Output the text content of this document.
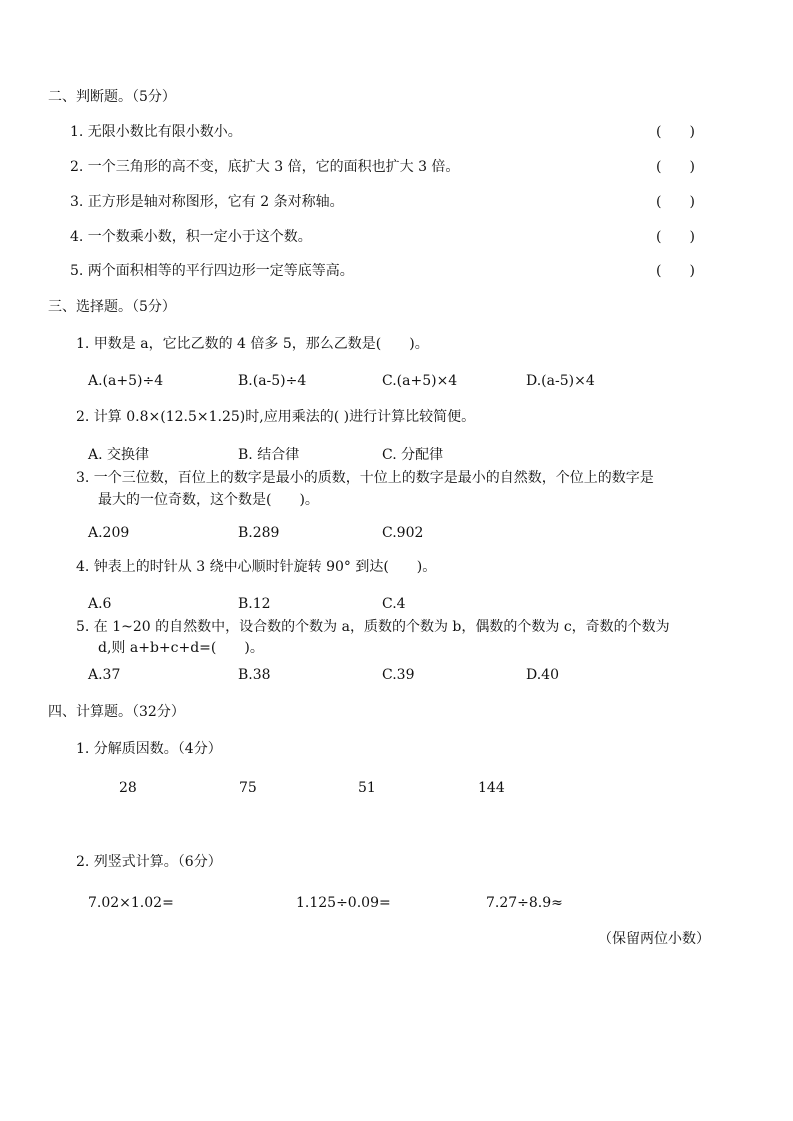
二、判断题。（5分）
1. 无限小数比有限小数小。	(　　)
2. 一个三角形的高不变，底扩大 3 倍，它的面积也扩大 3 倍。	(　　)
3. 正方形是轴对称图形，它有 2 条对称轴。	(　　)
4. 一个数乘小数，积一定小于这个数。	(　　)
5. 两个面积相等的平行四边形一定等底等高。	(　　)
三、选择题。（5分）
1. 甲数是 a，它比乙数的 4 倍多 5，那么乙数是(　　)。
A.(a+5)÷4	B.(a-5)÷4	C.(a+5)×4	D.(a-5)×4
2. 计算 0.8×(12.5×1.25)时,应用乘法的( )进行计算比较简便。
A. 交换律	B. 结合律	C. 分配律
3. 一个三位数，百位上的数字是最小的质数，十位上的数字是最小的自然数，个位上的数字是
最大的一位奇数，这个数是(　　)。
A.209	B.289	C.902
4. 钟表上的时针从 3 绕中心顺时针旋转 90° 到达(　　)。
A.6	B.12	C.4
5. 在 1~20 的自然数中，设合数的个数为 a，质数的个数为 b，偶数的个数为 c，奇数的个数为
d,则 a+b+c+d=(　　)。
A.37	B.38	C.39	D.40
四、计算题。（32分）
1. 分解质因数。（4分）
28	75	51	144
2. 列竖式计算。（6分）
7.02×1.02=	1.125÷0.09=	7.27÷8.9≈
（保留两位小数）
